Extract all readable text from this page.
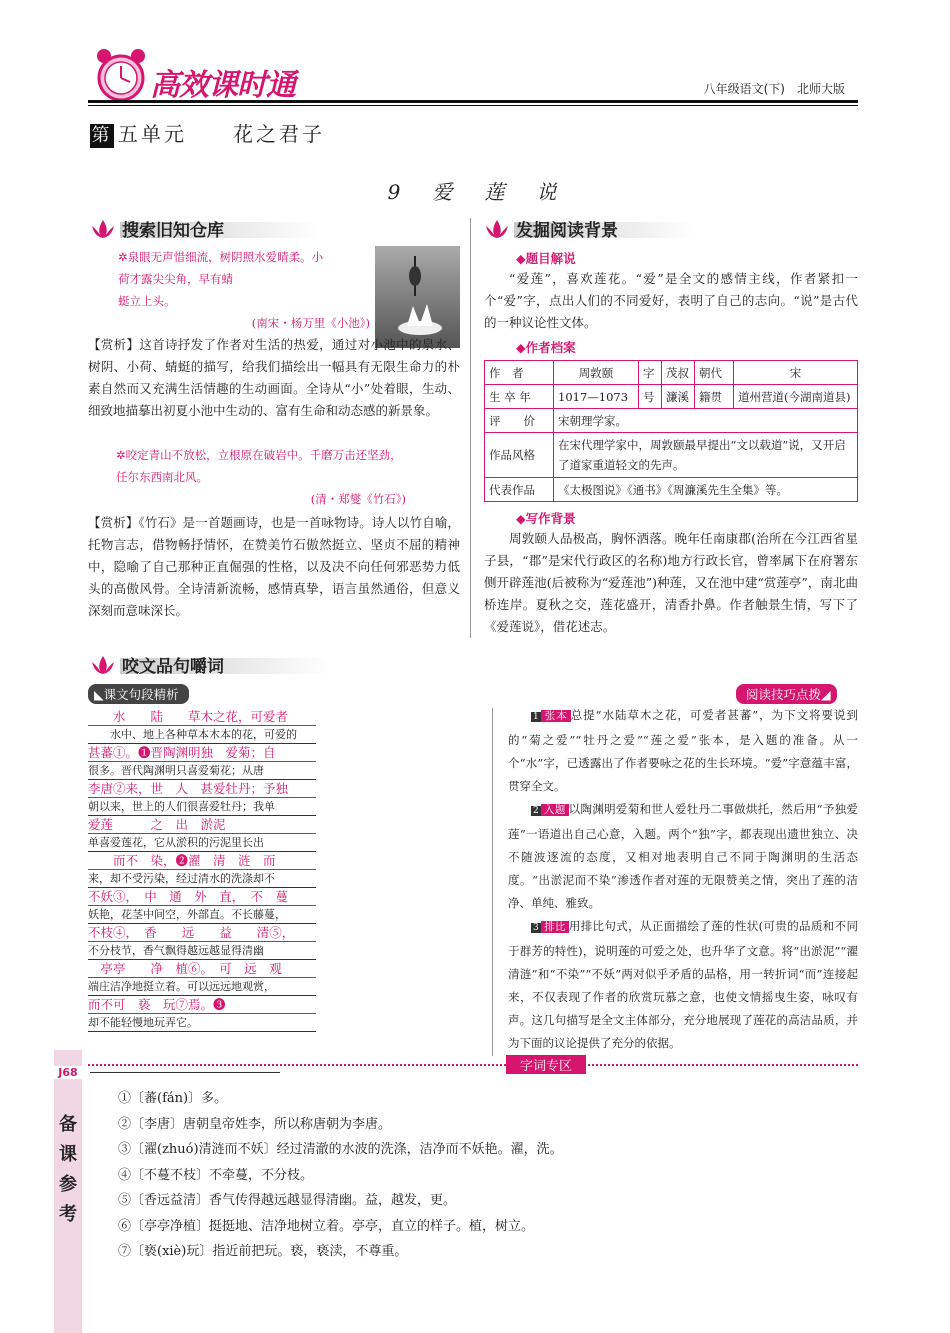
高效课时通	八年级语文(下)　北师大版
第 五单元　　花之君子
9　爱　莲　说
搜索旧知仓库

✲泉眼无声惜细流，树阴照水爱晴柔。小

荷才露尖尖角，早有蜻

蜓立上头。

(南宋・杨万里《小池》)
【赏析】这首诗抒发了作者对生活的热爱，通过对小池中的泉水、树阴、小荷、蜻蜓的描写，给我们描绘出一幅具有无限生命力的朴素自然而又充满生活情趣的生动画面。全诗从“小”处着眼，生动、细致地描摹出初夏小池中生动的、富有生命和动态感的新景象。

✲咬定青山不放松，立根原在破岩中。千磨万击还坚劲，

任尔东西南北风。

(清・郑燮《竹石》)
【赏析】《竹石》是一首题画诗，也是一首咏物诗。诗人以竹自喻，托物言志，借物畅抒情怀，在赞美竹石傲然挺立、坚贞不屈的精神中，隐喻了自己那种正直倔强的性格，以及决不向任何邪恶势力低头的高傲风骨。全诗清新流畅，感情真挚，语言虽然通俗，但意义深刻而意味深长。
发掘阅读背景
◆题目解说
“爱莲”，喜欢莲花。“爱”是全文的感情主线，作者紧扣一个“爱”字，点出人们的不同爱好，表明了自己的志向。“说”是古代的一种议论性文体。
◆作者档案
作　者	周敦颐	字	茂叔	朝代	宋
生 卒 年	1017—1073	号	濂溪	籍贯	道州营道(今湖南道县)
评　　价	宋朝理学家。				
作品风格	在宋代理学家中，周敦颐最早提出“文以载道”说，又开启了道家重道轻文的先声。				
代表作品	《太极图说》《通书》《周濂溪先生全集》等。				
◆写作背景
周敦颐人品极高，胸怀洒落。晚年任南康郡(治所在今江西省星子县，“郡”是宋代行政区的名称)地方行政长官，曾率属下在府署东侧开辟莲池(后被称为“爱莲池”)种莲，又在池中建“赏莲亭”，南北曲桥连岸。夏秋之交，莲花盛开，清香扑鼻。作者触景生情，写下了《爱莲说》，借花述志。
咬文品句嚼词
◣课文句段精析	阅读技巧点拨◢
　　水　　陆　　草木之花，可爱者
　　水中、地上各种草本木本的花，可爱的
甚蕃①。❶晋陶渊明独　爱菊；自
很多。晋代陶渊明只喜爱菊花；从唐
李唐②来，世　人　甚爱牡丹；予独
朝以来，世上的人们很喜爱牡丹；我单
爱莲　　　之　出　淤泥
单喜爱莲花，它从淤积的污泥里长出
　　而不　染，❷濯　清　涟　而
来，却不受污染，经过清水的洗涤却不
不妖③，　中　通　外　直，　不　蔓
妖艳，花茎中间空，外部直。不长藤蔓，
不枝④，　香　　远　　益　　清⑤，
不分枝节，香气飘得越远越显得清幽
　亭亭　　净　植⑥。　可　远　观
端庄洁净地挺立着。可以远远地观赏，
而不可　亵　玩⑦焉。❸
却不能轻慢地玩弄它。

1 张本 总提“水陆草木之花，可爱者甚蕃”，为下文将要说到的“菊之爱”“牡丹之爱”“莲之爱”张本，是入题的准备。从一个“水”字，已透露出了作者要咏之花的生长环境。“爱”字意蕴丰富，贯穿全文。

2 入题 以陶渊明爱菊和世人爱牡丹二事做烘托，然后用“予独爱莲”一语道出自己心意，入题。两个“独”字，都表现出遗世独立、决不随波逐流的态度，又相对地表明自己不同于陶渊明的生活态度。“出淤泥而不染”渗透作者对莲的无限赞美之情，突出了莲的洁净、单纯、雅致。

3 排比 用排比句式，从正面描绘了莲的性状(可贵的品质和不同于群芳的特性)，说明莲的可爱之处，也升华了文意。将“出淤泥”“濯清涟”和“不染”“不妖”两对似乎矛盾的品格，用一转折词“而”连接起来，不仅表现了作者的欣赏玩慕之意，也使文情摇曳生姿，咏叹有声。这几句描写是全文主体部分，充分地展现了莲花的高洁品质，并为下面的议论提供了充分的依据。

字词专区
J68
备
课
参
考
①〔蕃(fán)〕多。
②〔李唐〕唐朝皇帝姓李，所以称唐朝为李唐。
③〔濯(zhuó)清涟而不妖〕经过清澈的水波的洗涤，洁净而不妖艳。濯，洗。
④〔不蔓不枝〕不牵蔓，不分枝。
⑤〔香远益清〕香气传得越远越显得清幽。益，越发，更。
⑥〔亭亭净植〕挺挺地、洁净地树立着。亭亭，直立的样子。植，树立。
⑦〔亵(xiè)玩〕指近前把玩。亵，亵渎，不尊重。
